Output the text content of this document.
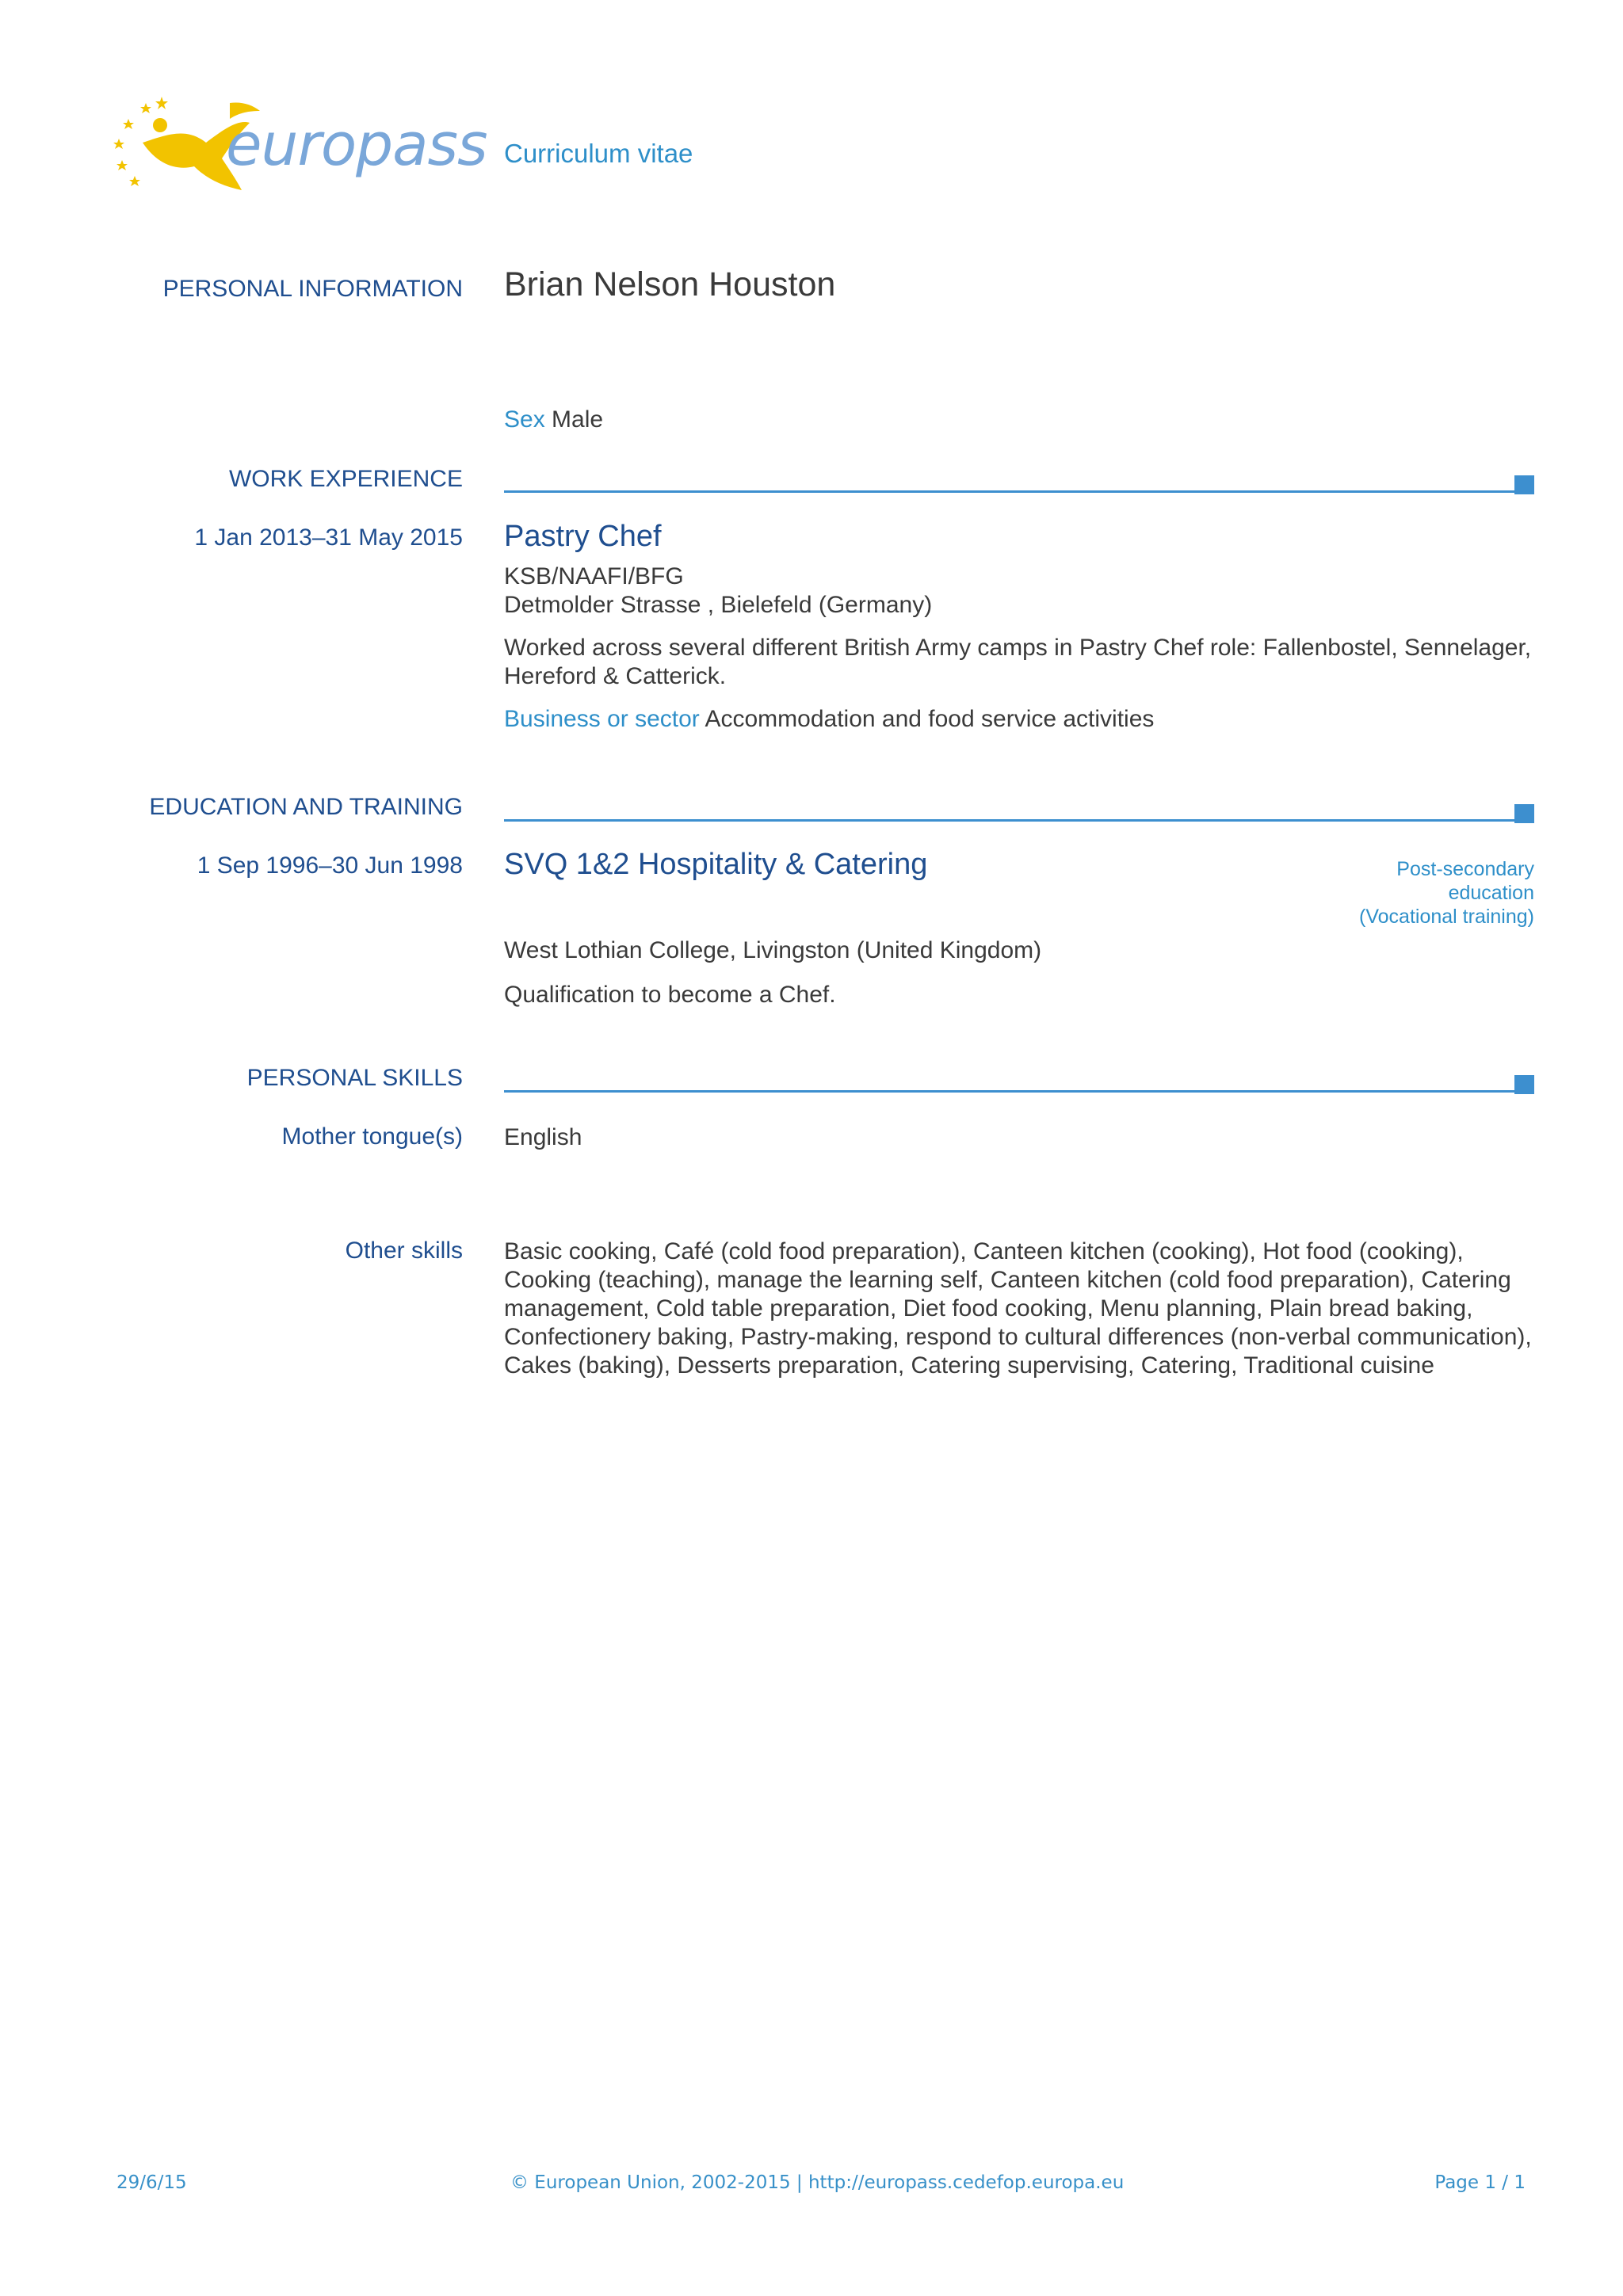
europass Curriculum vitae
PERSONAL INFORMATION Brian Nelson Houston
Sex Male
WORK EXPERIENCE
1 Jan 2013–31 May 2015 Pastry Chef
KSB/NAAFI/BFG
Detmolder Strasse , Bielefeld (Germany)
Worked across several different British Army camps in Pastry Chef role: Fallenbostel, Sennelager, Hereford & Catterick.
Business or sector Accommodation and food service activities
EDUCATION AND TRAINING
1 Sep 1996–30 Jun 1998 SVQ 1&2 Hospitality & Catering	Post-secondary
education
(Vocational training)
West Lothian College, Livingston (United Kingdom)
Qualification to become a Chef.
PERSONAL SKILLS
Mother tongue(s) English
Other skills Basic cooking, Café (cold food preparation), Canteen kitchen (cooking), Hot food (cooking), Cooking (teaching), manage the learning self, Canteen kitchen (cold food preparation), Catering management, Cold table preparation, Diet food cooking, Menu planning, Plain bread baking, Confectionery baking, Pastry-making, respond to cultural differences (non-verbal communication), Cakes (baking), Desserts preparation, Catering supervising, Catering, Traditional cuisine
29/6/15	© European Union, 2002-2015 | http://europass.cedefop.europa.eu	Page 1 / 1
